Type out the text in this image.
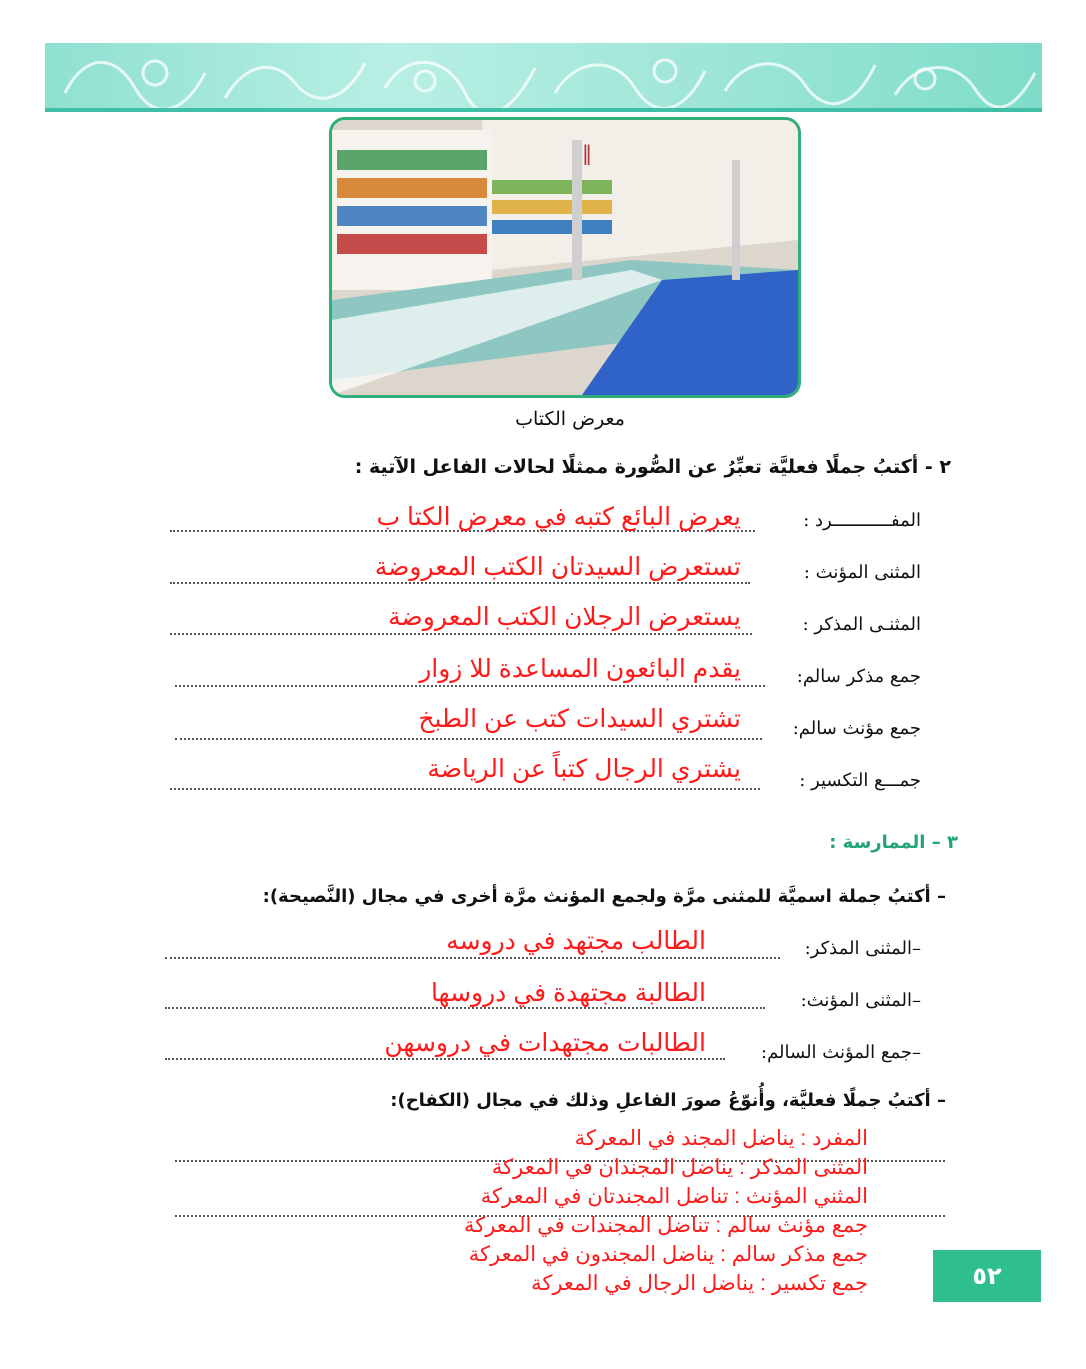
‖
معرض الكتاب
٢ - أكتبُ جملًا فعليَّة تعبِّرُ عن الصُّورة ممثلًا لحالات الفاعل الآتية :
المفـــــــــــرد :
يعرض البائع كتبه في معرض الكتا ب
المثنى المؤنث :
تستعرض السيدتان الكتب المعروضة
المثنـى المذكر :
يستعرض الرجلان الكتب المعروضة
جمع مذكر سالم:
يقدم البائعون المساعدة للا زوار
جمع مؤنث سالم:
تشتري السيدات كتب عن الطبخ
جمـــع التكسير :
يشتري الرجال كتباً عن الرياضة
٣ – الممارسة :
– أكتبُ جملة اسميَّة للمثنى مرَّة ولجمع المؤنث مرَّة أخرى في مجال (النَّصيحة):
–المثنى المذكر:
الطالب مجتهد في دروسه
–المثنى المؤنث:
الطالبة مجتهدة في دروسها
–جمع المؤنث السالم:
الطالبات مجتهدات في دروسهن
– أكتبُ جملًا فعليَّة، وأُنوّعُ صورَ الفاعلِ وذلك في مجال (الكفاح):
المفرد : يناضل المجند في المعركة
المثنى المذكر : يناضل المجندان في المعركة
المثني المؤنث : تناضل المجندتان في المعركة
جمع مؤنث سالم : تناضل المجندات في المعركة
جمع مذكر سالم : يناضل المجندون في المعركة
جمع تكسير : يناضل الرجال في المعركة	٥٢
